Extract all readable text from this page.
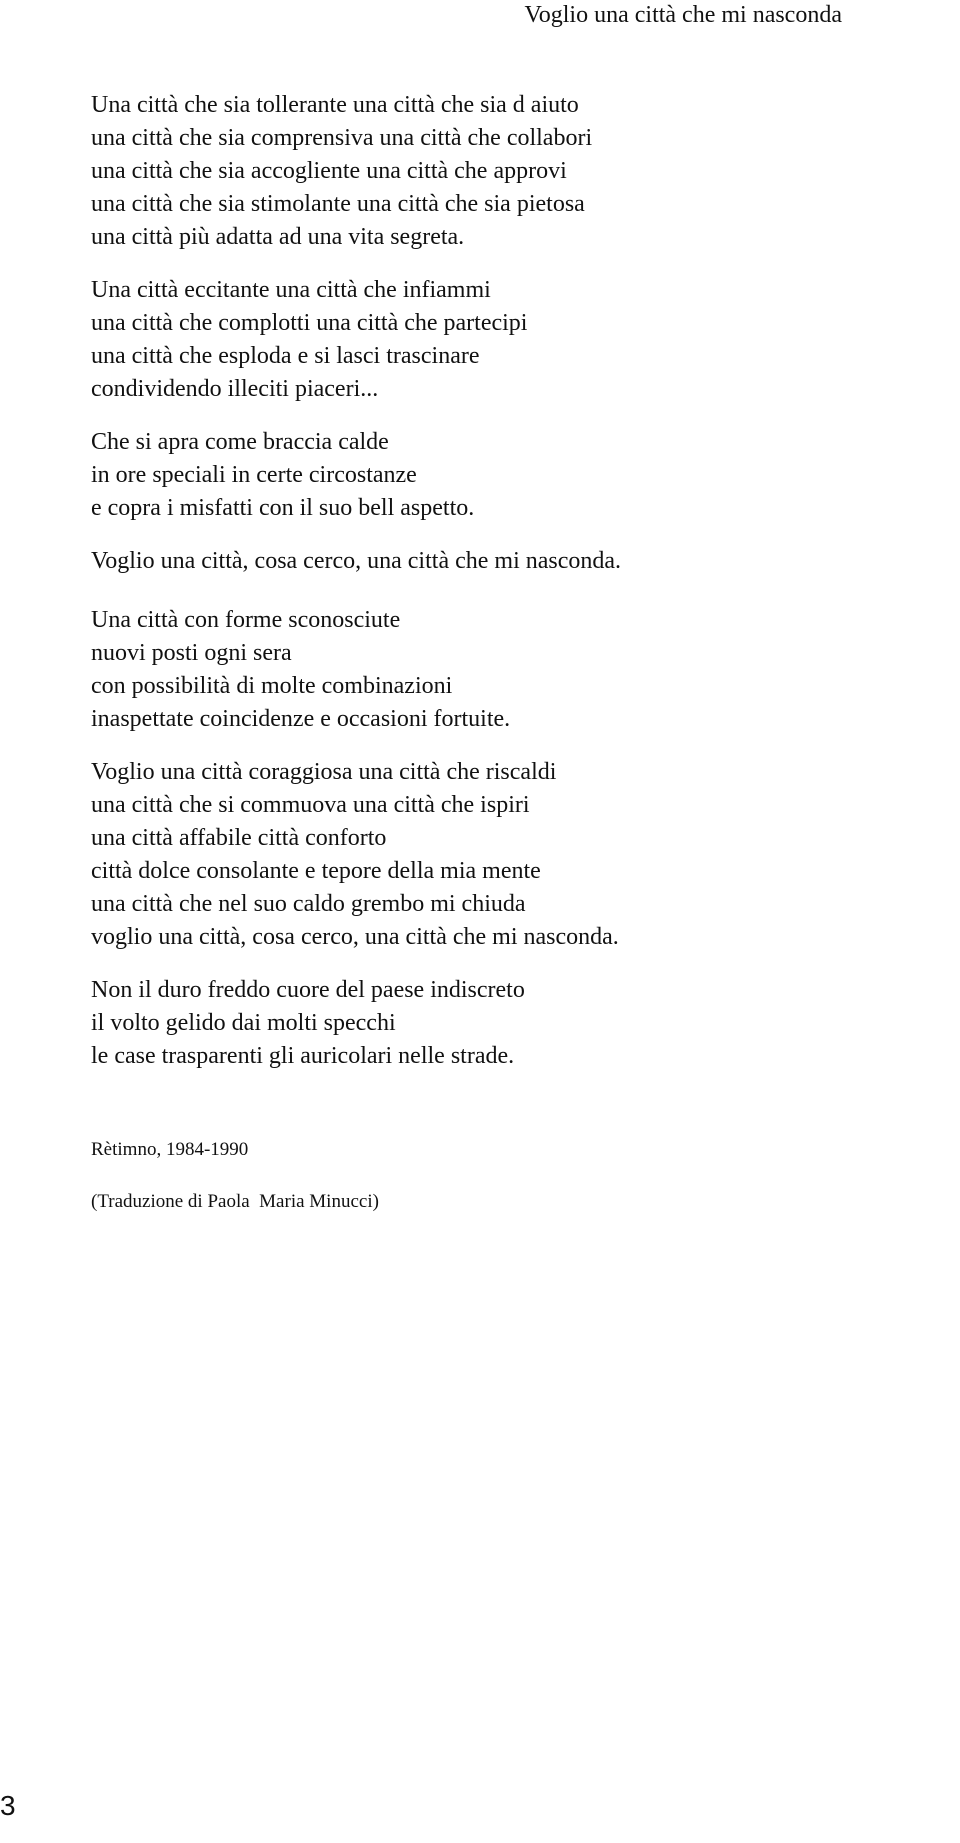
Voglio una città che mi nasconda
Una città che sia tollerante una città che sia d aiuto
una città che sia comprensiva una città che collabori
una città che sia accogliente una città che approvi
una città che sia stimolante una città che sia pietosa
una città più adatta ad una vita segreta.
Una città eccitante una città che infiammi
una città che complotti una città che partecipi
una città che esploda e si lasci trascinare
condividendo illeciti piaceri...
Che si apra come braccia calde
in ore speciali in certe circostanze
e copra i misfatti con il suo bell aspetto.
Voglio una città, cosa cerco, una città che mi nasconda.
Una città con forme sconosciute
nuovi posti ogni sera
con possibilità di molte combinazioni
inaspettate coincidenze e occasioni fortuite.
Voglio una città coraggiosa una città che riscaldi
una città che si commuova una città che ispiri
una città affabile città conforto
città dolce consolante e tepore della mia mente
una città che nel suo caldo grembo mi chiuda
voglio una città, cosa cerco, una città che mi nasconda.
Non il duro freddo cuore del paese indiscreto
il volto gelido dai molti specchi
le case trasparenti gli auricolari nelle strade.
Rètimno, 1984-1990
(Traduzione di Paola  Maria Minucci)
3
